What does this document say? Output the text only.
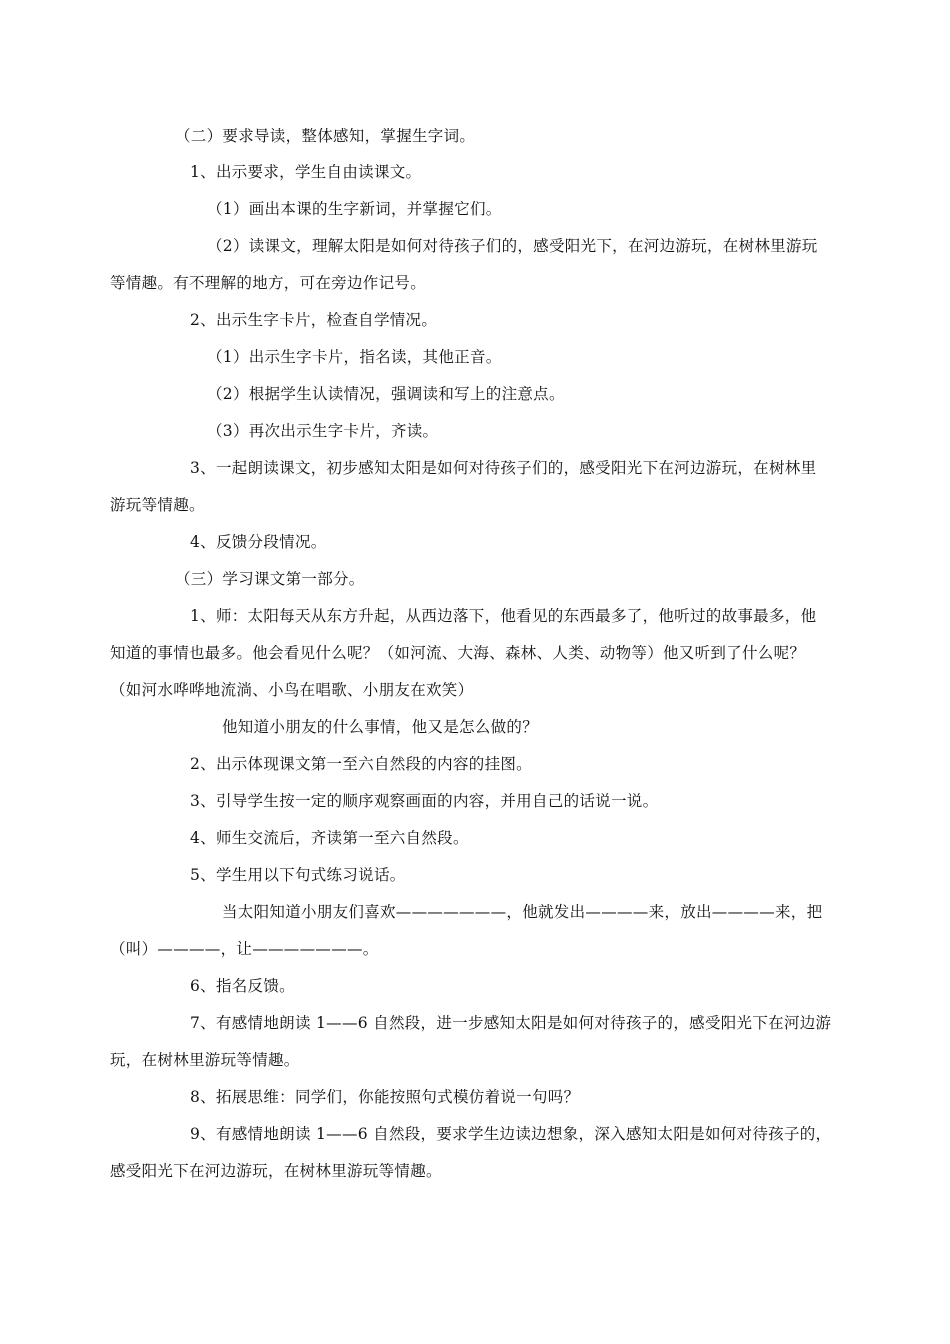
（二）要求导读，整体感知，掌握生字词。
1、出示要求，学生自由读课文。
（1）画出本课的生字新词，并掌握它们。
（2）读课文，理解太阳是如何对待孩子们的，感受阳光下，在河边游玩，在树林里游玩
等情趣。有不理解的地方，可在旁边作记号。
2、出示生字卡片，检查自学情况。
（1）出示生字卡片，指名读，其他正音。
（2）根据学生认读情况，强调读和写上的注意点。
（3）再次出示生字卡片，齐读。
3、一起朗读课文，初步感知太阳是如何对待孩子们的，感受阳光下在河边游玩，在树林里
游玩等情趣。
4、反馈分段情况。
（三）学习课文第一部分。
1、师：太阳每天从东方升起，从西边落下，他看见的东西最多了，他听过的故事最多，他
知道的事情也最多。他会看见什么呢？（如河流、大海、森林、人类、动物等）他又听到了什么呢？
（如河水哗哗地流淌、小鸟在唱歌、小朋友在欢笑）
他知道小朋友的什么事情，他又是怎么做的？
2、出示体现课文第一至六自然段的内容的挂图。
3、引导学生按一定的顺序观察画面的内容，并用自己的话说一说。
4、师生交流后，齐读第一至六自然段。
5、学生用以下句式练习说话。
当太阳知道小朋友们喜欢———————，他就发出————来，放出————来，把
（叫）————，让———————。
6、指名反馈。
7、有感情地朗读 1——6 自然段，进一步感知太阳是如何对待孩子的，感受阳光下在河边游
玩，在树林里游玩等情趣。
8、拓展思维：同学们，你能按照句式模仿着说一句吗？
9、有感情地朗读 1——6 自然段，要求学生边读边想象，深入感知太阳是如何对待孩子的，
感受阳光下在河边游玩，在树林里游玩等情趣。
